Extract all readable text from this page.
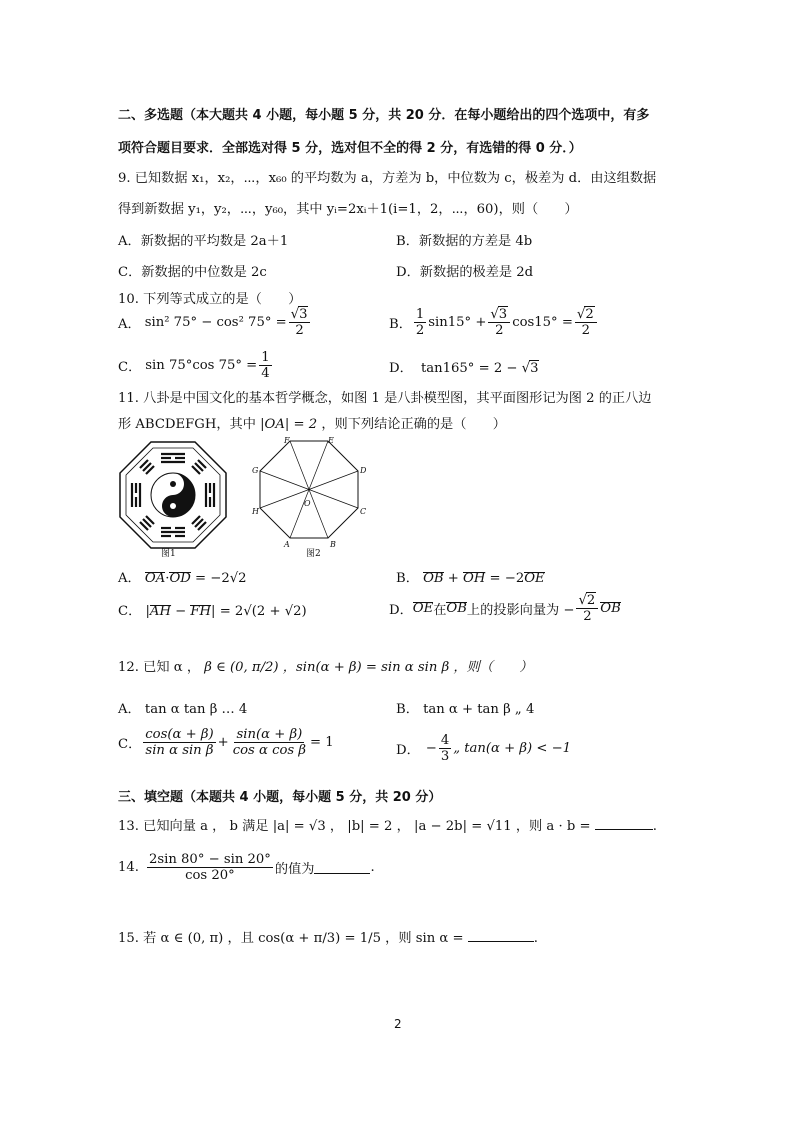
二、多选题（本大题共 4 小题，每小题 5 分，共 20 分．在每小题给出的四个选项中，有多
项符合题目要求．全部选对得 5 分，选对但不全的得 2 分，有选错的得 0 分．）
9. 已知数据 x₁，x₂，⋯，x₆₀ 的平均数为 a，方差为 b，中位数为 c，极差为 d．由这组数据
得到新数据 y₁，y₂，⋯，y₆₀，其中 yᵢ=2xᵢ＋1(i=1，2，⋯，60)，则（　　）
A．新数据的平均数是 2a＋1	B．新数据的方差是 4b
C．新数据的中位数是 2c	D．新数据的极差是 2d
10. 下列等式成立的是（　　）
A． sin² 75° − cos² $75^\circ = \frac{√3}{2}$	B． $\frac{1}{2} \sin 15^\circ + \frac{√3}{2} \cos 15^\circ = \frac{√2}{2}$
C． sin 75°cos $75^\circ = \frac{1}{4}$	D． tan165° = 2 − √3
11. 八卦是中国文化的基本哲学概念，如图 1 是八卦模型图，其平面图形记为图 2 的正八边
形 ABCDEFGH，其中 |OA| = 2 ，则下列结论正确的是（　　）
图1
F	E
G	D
H	C
A	B
O
图2
A． OA·OD = −2√2	B． OB + OH = −2OE
C． |AH − FH| = 2√(2 + √2)	D． OE 在 OB 上的投影向量为 − $\frac{√2}{2}$ OB
12. 已知 α ， β ∈ (0, π/2) ，sin(α + β) = sin α sin β ，则（　　）
A． tan α tan β … 4	B． tan α + tan β „ 4
C． $\frac{\cos(\alpha + \beta)}{\text{sin α sin β}} + \frac{\sin(\alpha + \beta)}{\text{cos α cos β}} = 1$
D． − $\frac{4}{3}$ „ tan(α + β) < −1
三、填空题（本题共 4 小题，每小题 5 分，共 20 分）
13. 已知向量 a ， b 满足 |a| = √3 ， |b| = 2 ， |a − 2b| = √11 ，则 a · b =	.
14. $\frac{2\sin 80^\circ - \sin 20^\circ}{\cos 20^\circ}$ 的值为	.
15. 若 α ∈ (0, π) ，且 cos(α + π/3) = 1/5 ，则 sin α =	.
2
